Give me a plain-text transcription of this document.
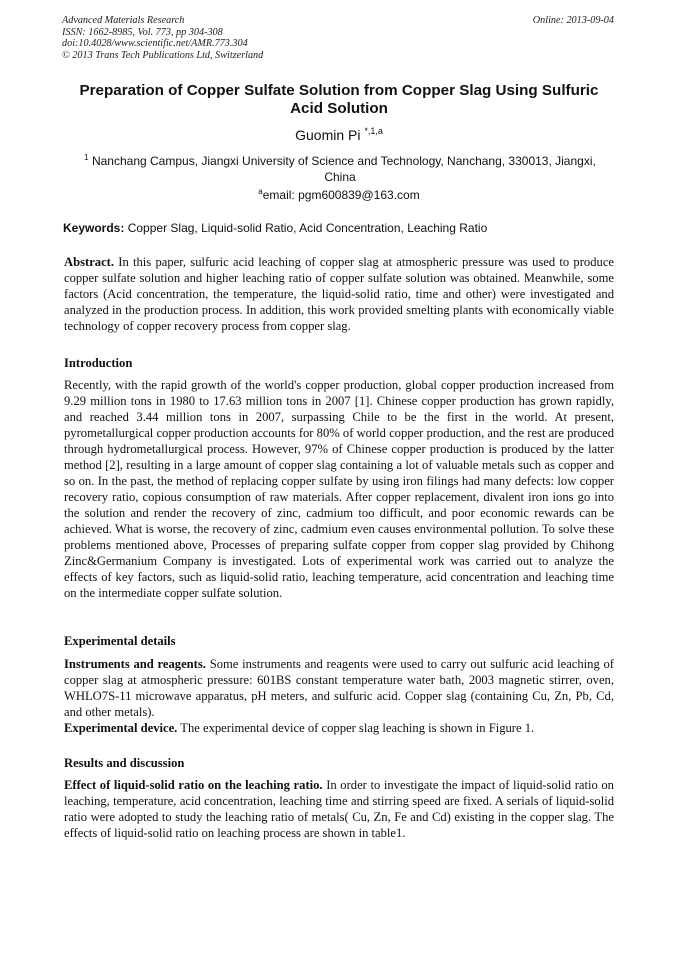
Advanced Materials Research
ISSN: 1662-8985, Vol. 773, pp 304-308
doi:10.4028/www.scientific.net/AMR.773.304
© 2013 Trans Tech Publications Ltd, Switzerland
Online: 2013-09-04
Preparation of Copper Sulfate Solution from Copper Slag Using Sulfuric Acid Solution
Guomin Pi $^{*,1,a}$
$^1$ Nanchang Campus, Jiangxi University of Science and Technology, Nanchang, 330013, Jiangxi, China
$^a$email: pgm600839@163.com
Keywords: Copper Slag, Liquid-solid Ratio, Acid Concentration, Leaching Ratio
Abstract. In this paper, sulfuric acid leaching of copper slag at atmospheric pressure was used to produce copper sulfate solution and higher leaching ratio of copper sulfate solution was obtained. Meanwhile, some factors (Acid concentration, the temperature, the liquid-solid ratio, time and other) were investigated and analyzed in the production process. In addition, this work provided smelting plants with economically viable technology of copper recovery process from copper slag.
Introduction
Recently, with the rapid growth of the world's copper production, global copper production increased from 9.29 million tons in 1980 to 17.63 million tons in 2007 [1]. Chinese copper production has grown rapidly, and reached 3.44 million tons in 2007, surpassing Chile to be the first in the world. At present, pyrometallurgical copper production accounts for 80% of world copper production, and the rest are produced through hydrometallurgical process. However, 97% of Chinese copper production is produced by the latter method [2], resulting in a large amount of copper slag containing a lot of valuable metals such as copper and so on. In the past, the method of replacing copper sulfate by using iron filings had many defects: low copper recovery ratio, copious consumption of raw materials. After copper replacement, divalent iron ions go into the solution and render the recovery of zinc, cadmium too difficult, and poor economic rewards can be achieved. What is worse, the recovery of zinc, cadmium even causes environmental pollution. To solve these problems mentioned above, Processes of preparing sulfate copper from copper slag provided by Chihong Zinc&Germanium Company is investigated. Lots of experimental work was carried out to analyze the effects of key factors, such as liquid-solid ratio, leaching temperature, acid concentration and leaching time on the intermediate copper sulfate solution.
Experimental details
Instruments and reagents. Some instruments and reagents were used to carry out sulfuric acid leaching of copper slag at atmospheric pressure: 601BS constant temperature water bath, 2003 magnetic stirrer, oven, WHLO7S-11 microwave apparatus, pH meters, and sulfuric acid. Copper slag (containing Cu, Zn, Pb, Cd, and other metals).
Experimental device. The experimental device of copper slag leaching is shown in Figure 1.
Results and discussion
Effect of liquid-solid ratio on the leaching ratio. In order to investigate the impact of liquid-solid ratio on leaching, temperature, acid concentration, leaching time and stirring speed are fixed. A serials of liquid-solid ratio were adopted to study the leaching ratio of metals( Cu, Zn, Fe and Cd) existing in the copper slag. The effects of liquid-solid ratio on leaching process are shown in table1.
